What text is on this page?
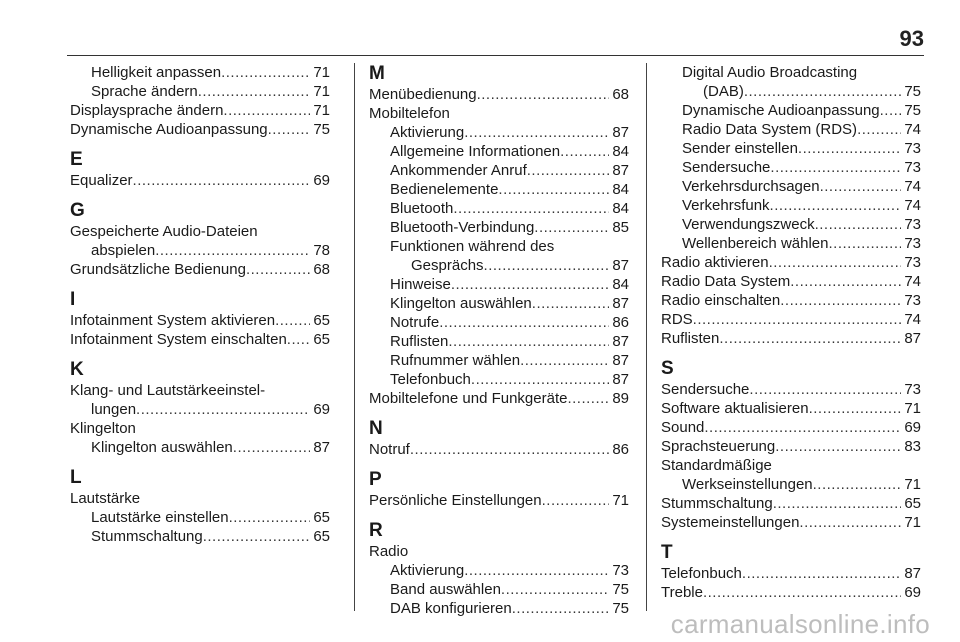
93
Helligkeit anpassen .....	71
Sprache ändern .....	71
Displaysprache ändern .....	71
Dynamische Audioanpassung .....	75
E
Equalizer .....	69
G
Gespeicherte Audio-Dateien
abspielen .....	78
Grundsätzliche Bedienung .....	68
I
Infotainment System aktivieren .....	65
Infotainment System einschalten ..... 65
K
Klang- und Lautstärkeeinstel-
lungen .....	69
Klingelton
Klingelton auswählen .....	87
L
Lautstärke
Lautstärke einstellen .....	65
Stummschaltung .....	65
M
Menübedienung .....	68
Mobiltelefon
Aktivierung .....	87
Allgemeine Informationen .....	84
Ankommender Anruf .....	87
Bedienelemente .....	84
Bluetooth .....	84
Bluetooth-Verbindung .....	85
Funktionen während des
Gesprächs .....	87
Hinweise .....	84
Klingelton auswählen .....	87
Notrufe .....	86
Ruflisten .....	87
Rufnummer wählen .....	87
Telefonbuch .....	87
Mobiltelefone und Funkgeräte .....	89
N
Notruf .....	86
P
Persönliche Einstellungen .....	71
R
Radio
Aktivierung .....	73
Band auswählen .....	75
DAB konfigurieren .....	75
Digital Audio Broadcasting
(DAB) .....	75
Dynamische Audioanpassung ..... 75
Radio Data System (RDS) .....	74
Sender einstellen .....	73
Sendersuche .....	73
Verkehrsdurchsagen .....	74
Verkehrsfunk .....	74
Verwendungszweck .....	73
Wellenbereich wählen .....	73
Radio aktivieren .....	73
Radio Data System .....	74
Radio einschalten .....	73
RDS .....	74
Ruflisten .....	87
S
Sendersuche .....	73
Software aktualisieren .....	71
Sound .....	69
Sprachsteuerung .....	83
Standardmäßige
Werkseinstellungen .....	71
Stummschaltung .....	65
Systemeinstellungen .....	71
T
Telefonbuch .....	87
Treble .....	69
carmanualsonline.info
